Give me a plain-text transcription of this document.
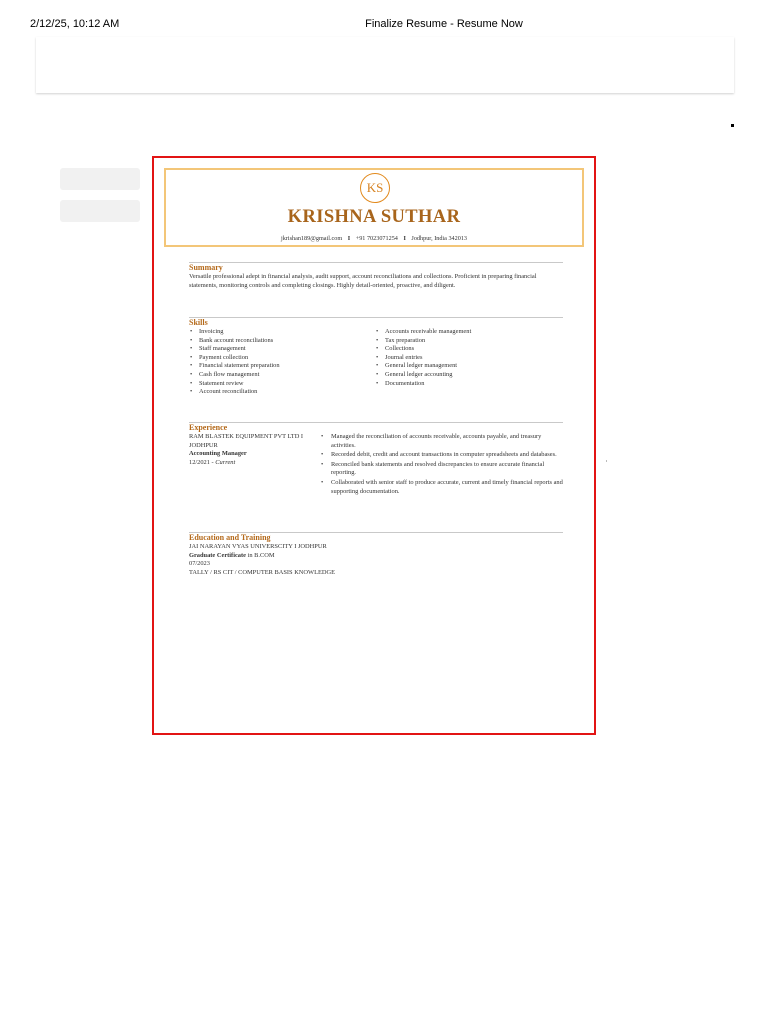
2/12/25, 10:12 AM	Finalize Resume - Resume Now
KS
KRISHNA SUTHAR
jkrishan189@gmail.com I +91 7023071254 I Jodhpur, India 342013
Summary
Versatile professional adept in financial analysis, audit support, account reconciliations and collections. Proficient in preparing financial statements, monitoring controls and completing closings. Highly detail-oriented, proactive, and diligent.
Skills
• Invoicing
• Bank account reconciliations
• Staff management
• Payment collection
• Financial statement preparation
• Cash flow management
• Statement review
• Account reconciliation
• Accounts receivable management
• Tax preparation
• Collections
• Journal entries
• General ledger management
• General ledger accounting
• Documentation
Experience
RAM BLASTEK EQUIPMENT PVT LTD I JODHPUR
Accounting Manager
12/2021 - Current
• Managed the reconciliation of accounts receivable, accounts payable, and treasury activities.
• Recorded debit, credit and account transactions in computer spreadsheets and databases.
• Reconciled bank statements and resolved discrepancies to ensure accurate financial reporting.
• Collaborated with senior staff to produce accurate, current and timely financial reports and supporting documentation.
Education and Training
JAI NARAYAN VYAS UNIVERSCITY I JODHPUR
Graduate Certificate in B.COM
07/2023
TALLY / RS CIT / COMPUTER BASIS KNOWLEDGE
